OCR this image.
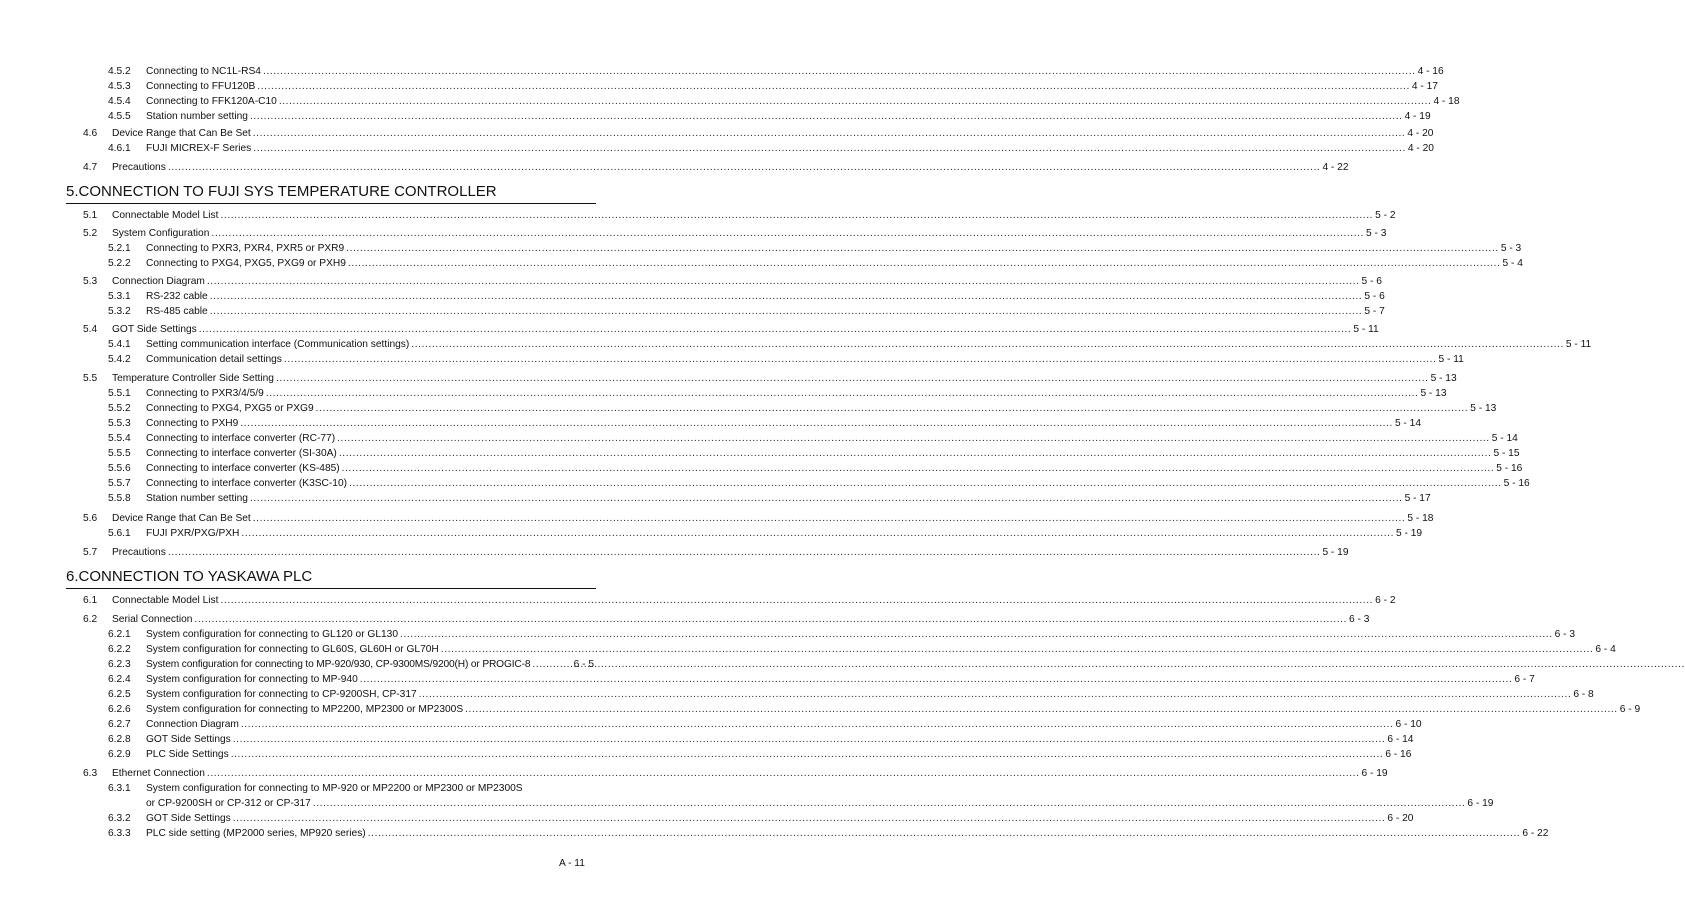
4.5.2	Connecting to NC1L-RS4 .....	4 - 16
4.5.3	Connecting to FFU120B .....	4 - 17
4.5.4	Connecting to FFK120A-C10 .....	4 - 18
4.5.5	Station number setting .....	4 - 19
4.6	Device Range that Can Be Set .....	4 - 20
4.6.1	FUJI MICREX-F Series .....	4 - 20
4.7	Precautions .....	4 - 22
5.CONNECTION TO FUJI SYS TEMPERATURE CONTROLLER
5.1	Connectable Model List .....	5 - 2
5.2	System Configuration .....	5 - 3
5.2.1	Connecting to PXR3, PXR4, PXR5 or PXR9 .....	5 - 3
5.2.2	Connecting to PXG4, PXG5, PXG9 or PXH9 .....	5 - 4
5.3	Connection Diagram .....	5 - 6
5.3.1	RS-232 cable .....	5 - 6
5.3.2	RS-485 cable .....	5 - 7
5.4	GOT Side Settings .....	5 - 11
5.4.1	Setting communication interface (Communication settings) .....	5 - 11
5.4.2	Communication detail settings .....	5 - 11
5.5	Temperature Controller Side Setting .....	5 - 13
5.5.1	Connecting to PXR3/4/5/9 .....	5 - 13
5.5.2	Connecting to PXG4, PXG5 or PXG9 .....	5 - 13
5.5.3	Connecting to PXH9 .....	5 - 14
5.5.4	Connecting to interface converter (RC-77) .....	5 - 14
5.5.5	Connecting to interface converter (SI-30A) .....	5 - 15
5.5.6	Connecting to interface converter (KS-485) .....	5 - 16
5.5.7	Connecting to interface converter (K3SC-10) .....	5 - 16
5.5.8	Station number setting .....	5 - 17
5.6	Device Range that Can Be Set .....	5 - 18
5.6.1	FUJI PXR/PXG/PXH .....	5 - 19
5.7	Precautions .....	5 - 19
6.CONNECTION TO YASKAWA PLC
6.1	Connectable Model List .....	6 - 2
6.2	Serial Connection .....	6 - 3
6.2.1	System configuration for connecting to GL120 or GL130 .....	6 - 3
6.2.2	System configuration for connecting to GL60S, GL60H or GL70H .....	6 - 4
6.2.3	System configuration for connecting to MP-920/930, CP-9300MS/9200(H) or PROGIC-8 .....	6 - 5
6.2.4	System configuration for connecting to MP-940 .....	6 - 7
6.2.5	System configuration for connecting to CP-9200SH, CP-317 .....	6 - 8
6.2.6	System configuration for connecting to MP2200, MP2300 or MP2300S .....	6 - 9
6.2.7	Connection Diagram .....	6 - 10
6.2.8	GOT Side Settings .....	6 - 14
6.2.9	PLC Side Settings .....	6 - 16
6.3	Ethernet Connection .....	6 - 19
6.3.1 System configuration for connecting to MP-920 or MP2200 or MP2300 or MP2300S
or CP-9200SH or CP-312 or CP-317 .....	6 - 19
6.3.2	GOT Side Settings .....	6 - 20
6.3.3	PLC side setting (MP2000 series, MP920 series) .....	6 - 22
A - 11
